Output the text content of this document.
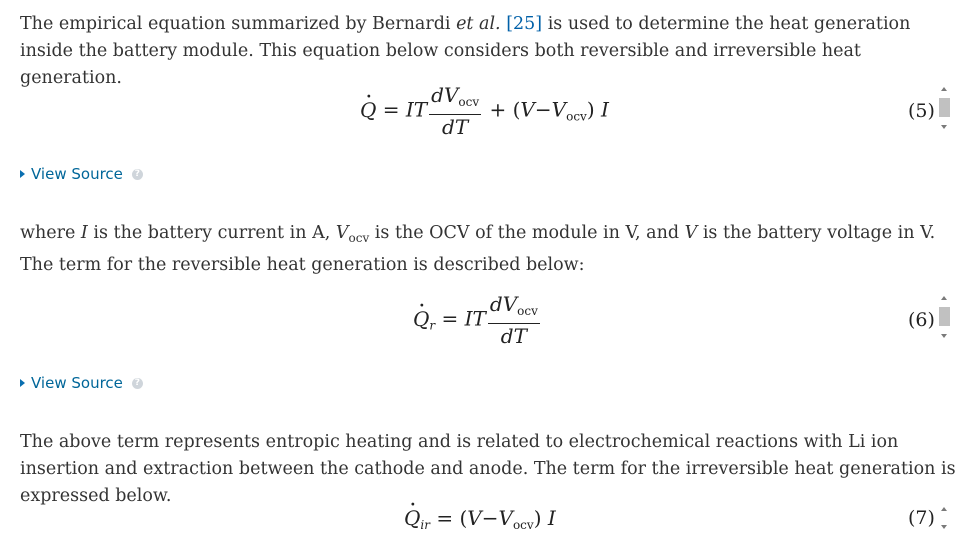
The empirical equation summarized by Bernardi et al. [25] is used to determine the heat generation inside the battery module. This equation below considers both reversible and irreversible heat generation.
· Q = IT $\frac{dV_{ocv}}{dT} + (V-V_{ocv})$ I	(5)
View Source	?
where I is the battery current in A, $V_{ocv}$ is the OCV of the module in V, and V is the battery voltage in V. The term for the reversible heat generation is described below:
· $Q_r$ = IT $\frac{dV_{ocv}}{dT}$	(6)
View Source	?
The above term represents entropic heating and is related to electrochemical reactions with Li ion insertion and extraction between the cathode and anode. The term for the irreversible heat generation is expressed below.
· $Q_{ir} = (V-V_{ocv})$ I	(7)
